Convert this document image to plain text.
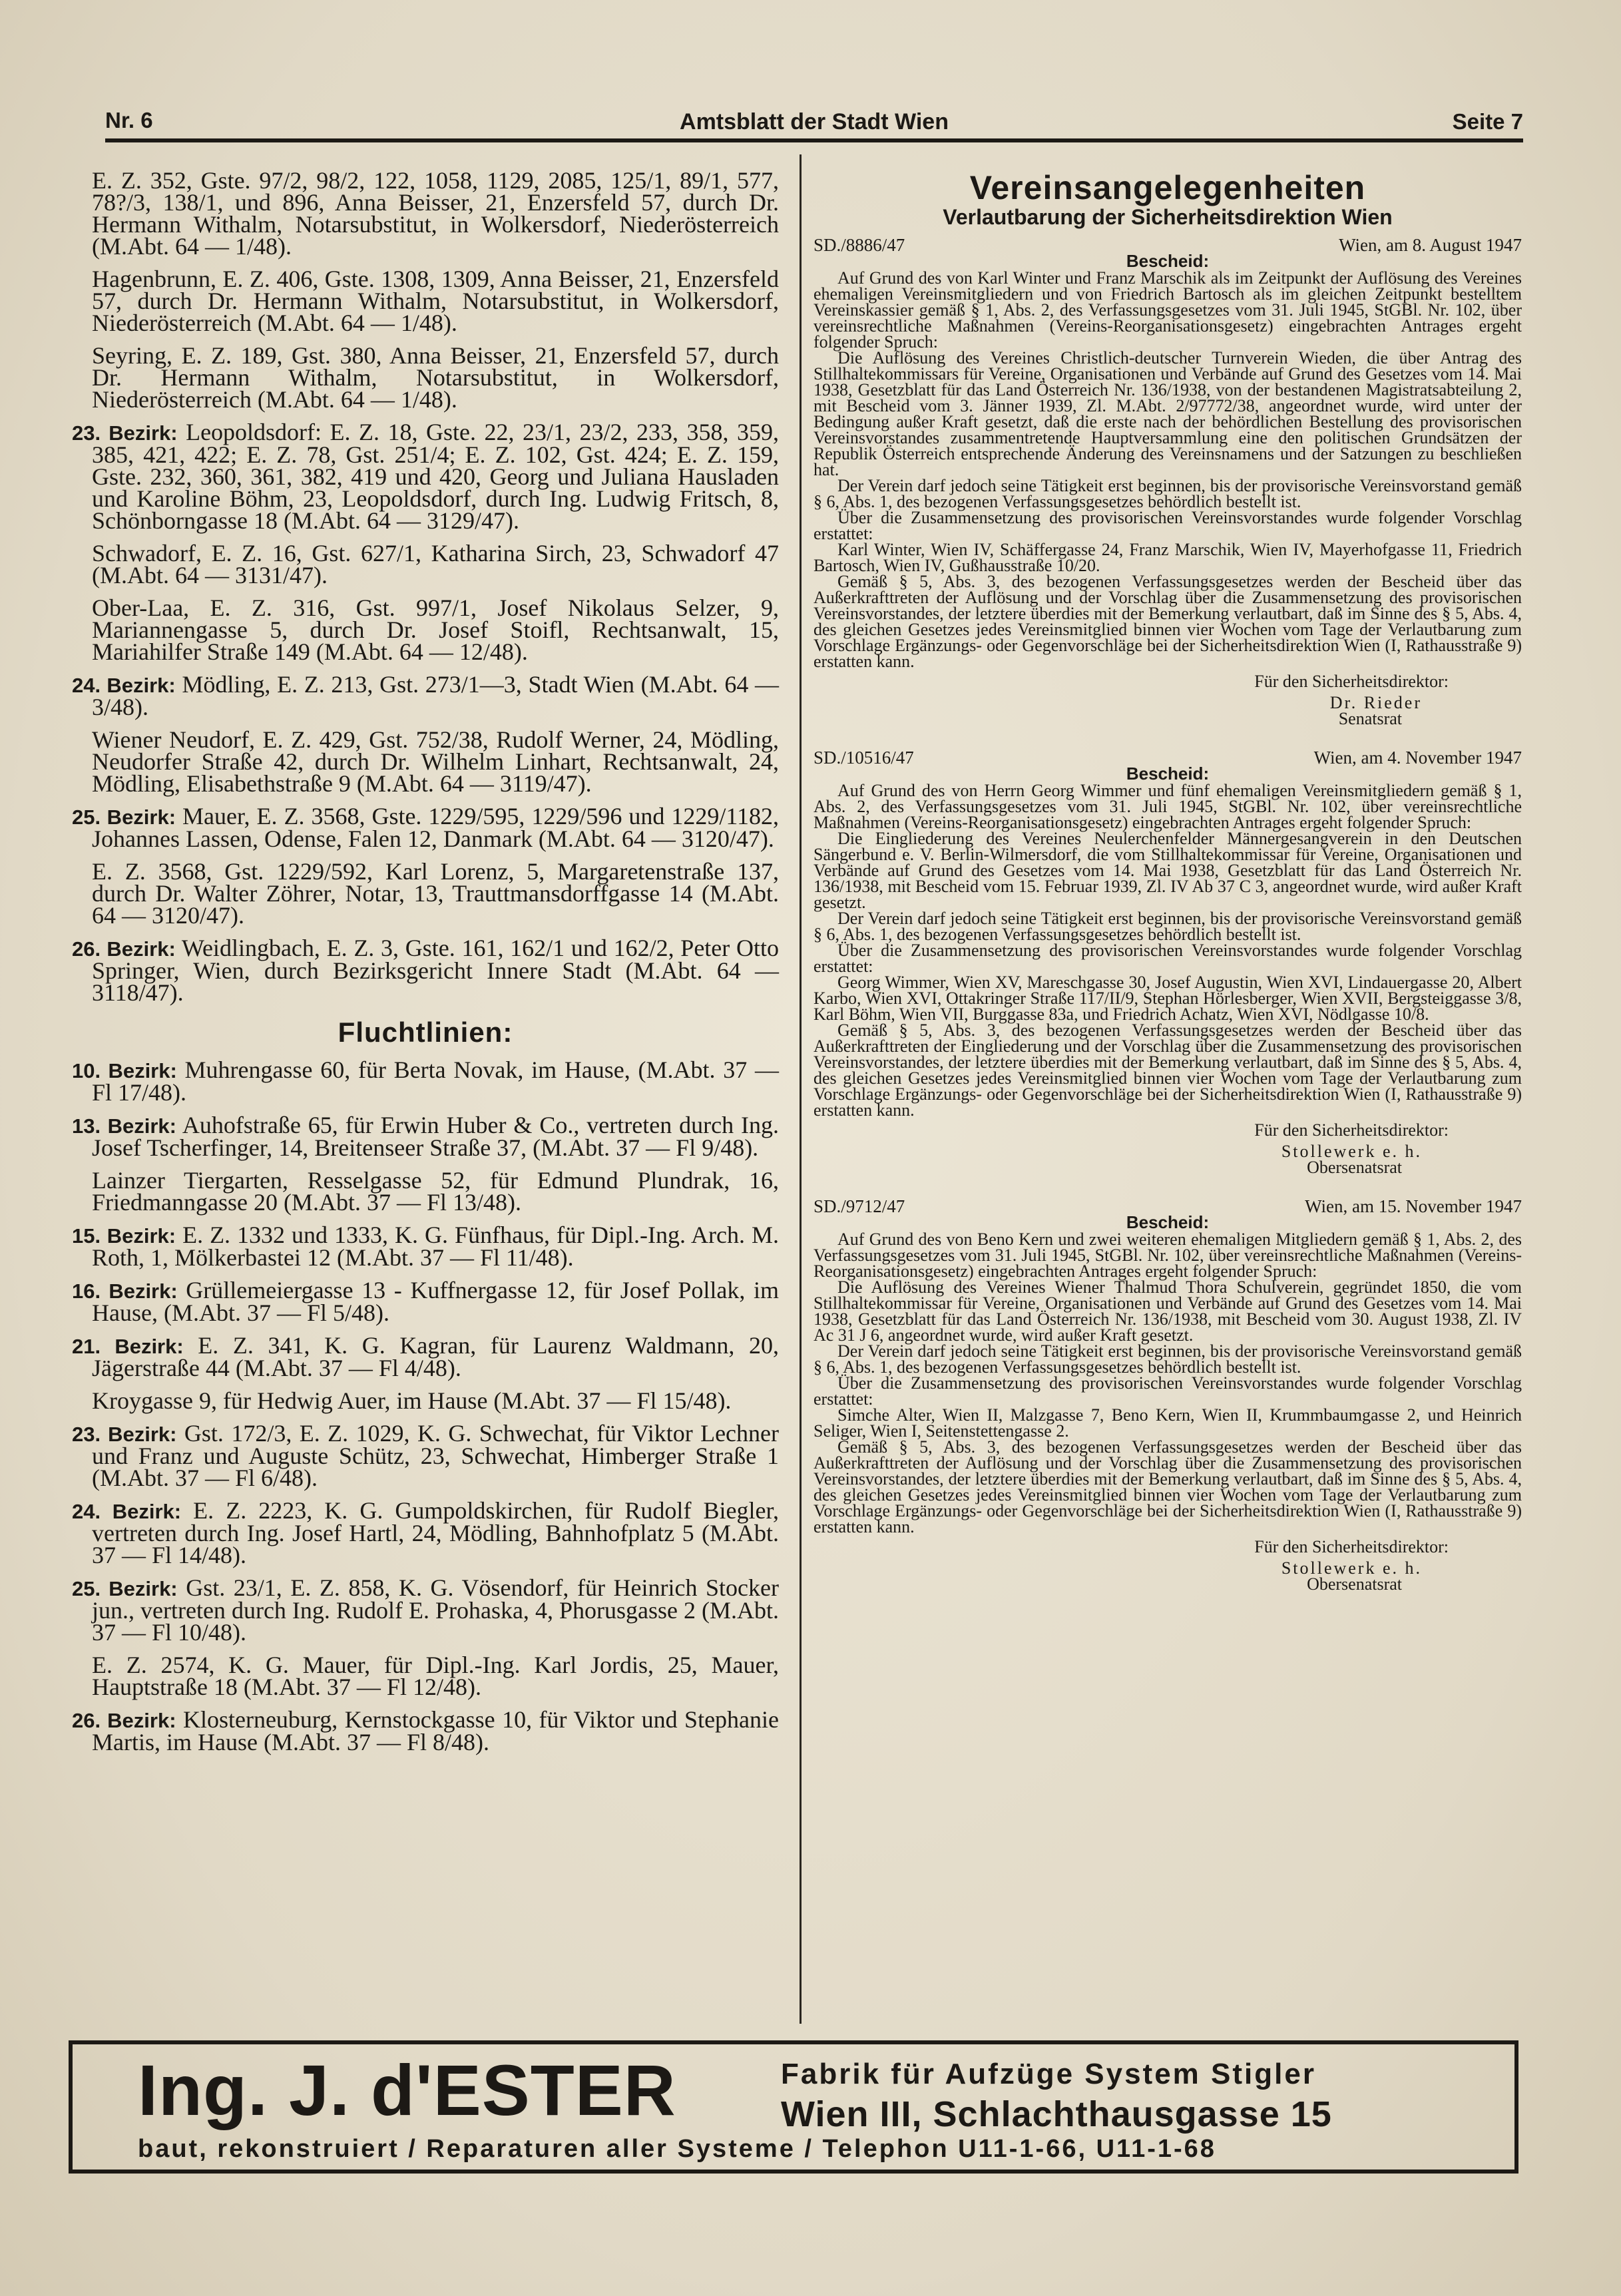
Nr. 6	Amtsblatt der Stadt Wien	Seite 7

E. Z. 352, Gste. 97/2, 98/2, 122, 1058, 1129, 2085, 125/1, 89/1, 577, 78?/3, 138/1, und 896, Anna Beisser, 21, Enzersfeld 57, durch Dr. Hermann Withalm, Notarsubstitut, in Wolkersdorf, Niederösterreich (M.Abt. 64 — 1/48).

Hagenbrunn, E. Z. 406, Gste. 1308, 1309, Anna Beisser, 21, Enzersfeld 57, durch Dr. Hermann Withalm, Notarsubstitut, in Wolkersdorf, Niederösterreich (M.Abt. 64 — 1/48).

Seyring, E. Z. 189, Gst. 380, Anna Beisser, 21, Enzersfeld 57, durch Dr. Hermann Withalm, Notarsubstitut, in Wolkersdorf, Niederösterreich (M.Abt. 64 — 1/48).

23. Bezirk: Leopoldsdorf: E. Z. 18, Gste. 22, 23/1, 23/2, 233, 358, 359, 385, 421, 422; E. Z. 78, Gst. 251/4; E. Z. 102, Gst. 424; E. Z. 159, Gste. 232, 360, 361, 382, 419 und 420, Georg und Juliana Hausladen und Karoline Böhm, 23, Leopoldsdorf, durch Ing. Ludwig Fritsch, 8, Schönborngasse 18 (M.Abt. 64 — 3129/47).

Schwadorf, E. Z. 16, Gst. 627/1, Katharina Sirch, 23, Schwadorf 47 (M.Abt. 64 — 3131/47).

Ober-Laa, E. Z. 316, Gst. 997/1, Josef Nikolaus Selzer, 9, Mariannengasse 5, durch Dr. Josef Stoifl, Rechtsanwalt, 15, Mariahilfer Straße 149 (M.Abt. 64 — 12/48).

24. Bezirk: Mödling, E. Z. 213, Gst. 273/1—3, Stadt Wien (M.Abt. 64 — 3/48).

Wiener Neudorf, E. Z. 429, Gst. 752/38, Rudolf Werner, 24, Mödling, Neudorfer Straße 42, durch Dr. Wilhelm Linhart, Rechtsanwalt, 24, Mödling, Elisabethstraße 9 (M.Abt. 64 — 3119/47).

25. Bezirk: Mauer, E. Z. 3568, Gste. 1229/595, 1229/596 und 1229/1182, Johannes Lassen, Odense, Falen 12, Danmark (M.Abt. 64 — 3120/47).

E. Z. 3568, Gst. 1229/592, Karl Lorenz, 5, Margaretenstraße 137, durch Dr. Walter Zöhrer, Notar, 13, Trauttmansdorffgasse 14 (M.Abt. 64 — 3120/47).

26. Bezirk: Weidlingbach, E. Z. 3, Gste. 161, 162/1 und 162/2, Peter Otto Springer, Wien, durch Bezirksgericht Innere Stadt (M.Abt. 64 — 3118/47).

Fluchtlinien:

10. Bezirk: Muhrengasse 60, für Berta Novak, im Hause, (M.Abt. 37 — Fl 17/48).

13. Bezirk: Auhofstraße 65, für Erwin Huber & Co., vertreten durch Ing. Josef Tscherfinger, 14, Breitenseer Straße 37, (M.Abt. 37 — Fl 9/48).

Lainzer Tiergarten, Resselgasse 52, für Edmund Plundrak, 16, Friedmanngasse 20 (M.Abt. 37 — Fl 13/48).

15. Bezirk: E. Z. 1332 und 1333, K. G. Fünfhaus, für Dipl.-Ing. Arch. M. Roth, 1, Mölkerbastei 12 (M.Abt. 37 — Fl 11/48).

16. Bezirk: Grüllemeiergasse 13 - Kuffnergasse 12, für Josef Pollak, im Hause, (M.Abt. 37 — Fl 5/48).

21. Bezirk: E. Z. 341, K. G. Kagran, für Laurenz Waldmann, 20, Jägerstraße 44 (M.Abt. 37 — Fl 4/48).

Kroygasse 9, für Hedwig Auer, im Hause (M.Abt. 37 — Fl 15/48).

23. Bezirk: Gst. 172/3, E. Z. 1029, K. G. Schwechat, für Viktor Lechner und Franz und Auguste Schütz, 23, Schwechat, Himberger Straße 1 (M.Abt. 37 — Fl 6/48).

24. Bezirk: E. Z. 2223, K. G. Gumpoldskirchen, für Rudolf Biegler, vertreten durch Ing. Josef Hartl, 24, Mödling, Bahnhofplatz 5 (M.Abt. 37 — Fl 14/48).

25. Bezirk: Gst. 23/1, E. Z. 858, K. G. Vösendorf, für Heinrich Stocker jun., vertreten durch Ing. Rudolf E. Prohaska, 4, Phorusgasse 2 (M.Abt. 37 — Fl 10/48).

E. Z. 2574, K. G. Mauer, für Dipl.-Ing. Karl Jordis, 25, Mauer, Hauptstraße 18 (M.Abt. 37 — Fl 12/48).

26. Bezirk: Klosterneuburg, Kernstockgasse 10, für Viktor und Stephanie Martis, im Hause (M.Abt. 37 — Fl 8/48).

Vereinsangelegenheiten
Verlautbarung der Sicherheitsdirektion Wien
SD./8886/47	Wien, am 8. August 1947
Bescheid:

Auf Grund des von Karl Winter und Franz Marschik als im Zeitpunkt der Auflösung des Vereines ehemaligen Vereinsmitgliedern und von Friedrich Bartosch als im gleichen Zeitpunkt bestelltem Vereinskassier gemäß § 1, Abs. 2, des Verfassungsgesetzes vom 31. Juli 1945, StGBl. Nr. 102, über vereinsrechtliche Maßnahmen (Vereins-Reorganisationsgesetz) eingebrachten Antrages ergeht folgender Spruch:

Die Auflösung des Vereines Christlich-deutscher Turnverein Wieden, die über Antrag des Stillhaltekommissars für Vereine, Organisationen und Verbände auf Grund des Gesetzes vom 14. Mai 1938, Gesetzblatt für das Land Österreich Nr. 136/1938, von der bestandenen Magistratsabteilung 2, mit Bescheid vom 3. Jänner 1939, Zl. M.Abt. 2/97772/38, angeordnet wurde, wird unter der Bedingung außer Kraft gesetzt, daß die erste nach der behördlichen Bestellung des provisorischen Vereinsvorstandes zusammentretende Hauptversammlung eine den politischen Grundsätzen der Republik Österreich entsprechende Änderung des Vereinsnamens und der Satzungen zu beschließen hat.

Der Verein darf jedoch seine Tätigkeit erst beginnen, bis der provisorische Vereinsvorstand gemäß § 6, Abs. 1, des bezogenen Verfassungsgesetzes behördlich bestellt ist.

Über die Zusammensetzung des provisorischen Vereinsvorstandes wurde folgender Vorschlag erstattet:

Karl Winter, Wien IV, Schäffergasse 24, Franz Marschik, Wien IV, Mayerhofgasse 11, Friedrich Bartosch, Wien IV, Gußhausstraße 10/20.

Gemäß § 5, Abs. 3, des bezogenen Verfassungsgesetzes werden der Bescheid über das Außerkrafttreten der Auflösung und der Vorschlag über die Zusammensetzung des provisorischen Vereinsvorstandes, der letztere überdies mit der Bemerkung verlautbart, daß im Sinne des § 5, Abs. 4, des gleichen Gesetzes jedes Vereinsmitglied binnen vier Wochen vom Tage der Verlautbarung zum Vorschlage Ergänzungs- oder Gegenvorschläge bei der Sicherheitsdirektion Wien (I, Rathausstraße 9) erstatten kann.

Für den Sicherheitsdirektor:
Dr. Rieder
Senatsrat
SD./10516/47	Wien, am 4. November 1947
Bescheid:

Auf Grund des von Herrn Georg Wimmer und fünf ehemaligen Vereinsmitgliedern gemäß § 1, Abs. 2, des Verfassungsgesetzes vom 31. Juli 1945, StGBl. Nr. 102, über vereinsrechtliche Maßnahmen (Vereins-Reorganisationsgesetz) eingebrachten Antrages ergeht folgender Spruch:

Die Eingliederung des Vereines Neulerchenfelder Männergesangverein in den Deutschen Sängerbund e. V. Berlin-Wilmersdorf, die vom Stillhaltekommissar für Vereine, Organisationen und Verbände auf Grund des Gesetzes vom 14. Mai 1938, Gesetzblatt für das Land Österreich Nr. 136/1938, mit Bescheid vom 15. Februar 1939, Zl. IV Ab 37 C 3, angeordnet wurde, wird außer Kraft gesetzt.

Der Verein darf jedoch seine Tätigkeit erst beginnen, bis der provisorische Vereinsvorstand gemäß § 6, Abs. 1, des bezogenen Verfassungsgesetzes behördlich bestellt ist.

Über die Zusammensetzung des provisorischen Vereinsvorstandes wurde folgender Vorschlag erstattet:

Georg Wimmer, Wien XV, Mareschgasse 30, Josef Augustin, Wien XVI, Lindauergasse 20, Albert Karbo, Wien XVI, Ottakringer Straße 117/II/9, Stephan Hörlesberger, Wien XVII, Bergsteiggasse 3/8, Karl Böhm, Wien VII, Burggasse 83a, und Friedrich Achatz, Wien XVI, Nödlgasse 10/8.

Gemäß § 5, Abs. 3, des bezogenen Verfassungsgesetzes werden der Bescheid über das Außerkrafttreten der Eingliederung und der Vorschlag über die Zusammensetzung des provisorischen Vereinsvorstandes, der letztere überdies mit der Bemerkung verlautbart, daß im Sinne des § 5, Abs. 4, des gleichen Gesetzes jedes Vereinsmitglied binnen vier Wochen vom Tage der Verlautbarung zum Vorschlage Ergänzungs- oder Gegenvorschläge bei der Sicherheitsdirektion Wien (I, Rathausstraße 9) erstatten kann.

Für den Sicherheitsdirektor:
Stollewerk e. h.
Obersenatsrat
SD./9712/47	Wien, am 15. November 1947
Bescheid:

Auf Grund des von Beno Kern und zwei weiteren ehemaligen Mitgliedern gemäß § 1, Abs. 2, des Verfassungsgesetzes vom 31. Juli 1945, StGBl. Nr. 102, über vereinsrechtliche Maßnahmen (Vereins-Reorganisationsgesetz) eingebrachten Antrages ergeht folgender Spruch:

Die Auflösung des Vereines Wiener Thalmud Thora Schulverein, gegründet 1850, die vom Stillhaltekommissar für Vereine, Organisationen und Verbände auf Grund des Gesetzes vom 14. Mai 1938, Gesetzblatt für das Land Österreich Nr. 136/1938, mit Bescheid vom 30. August 1938, Zl. IV Ac 31 J 6, angeordnet wurde, wird außer Kraft gesetzt.

Der Verein darf jedoch seine Tätigkeit erst beginnen, bis der provisorische Vereinsvorstand gemäß § 6, Abs. 1, des bezogenen Verfassungsgesetzes behördlich bestellt ist.

Über die Zusammensetzung des provisorischen Vereinsvorstandes wurde folgender Vorschlag erstattet:

Simche Alter, Wien II, Malzgasse 7, Beno Kern, Wien II, Krummbaumgasse 2, und Heinrich Seliger, Wien I, Seitenstettengasse 2.

Gemäß § 5, Abs. 3, des bezogenen Verfassungsgesetzes werden der Bescheid über das Außerkrafttreten der Auflösung und der Vorschlag über die Zusammensetzung des provisorischen Vereinsvorstandes, der letztere überdies mit der Bemerkung verlautbart, daß im Sinne des § 5, Abs. 4, des gleichen Gesetzes jedes Vereinsmitglied binnen vier Wochen vom Tage der Verlautbarung zum Vorschlage Ergänzungs- oder Gegenvorschläge bei der Sicherheitsdirektion Wien (I, Rathausstraße 9) erstatten kann.

Für den Sicherheitsdirektor:
Stollewerk e. h.
Obersenatsrat
Ing. J. d'ESTER	Fabrik für Aufzüge System Stigler
Wien III, Schlachthausgasse 15
baut, rekonstruiert / Reparaturen aller Systeme / Telephon U11-1-66, U11-1-68
